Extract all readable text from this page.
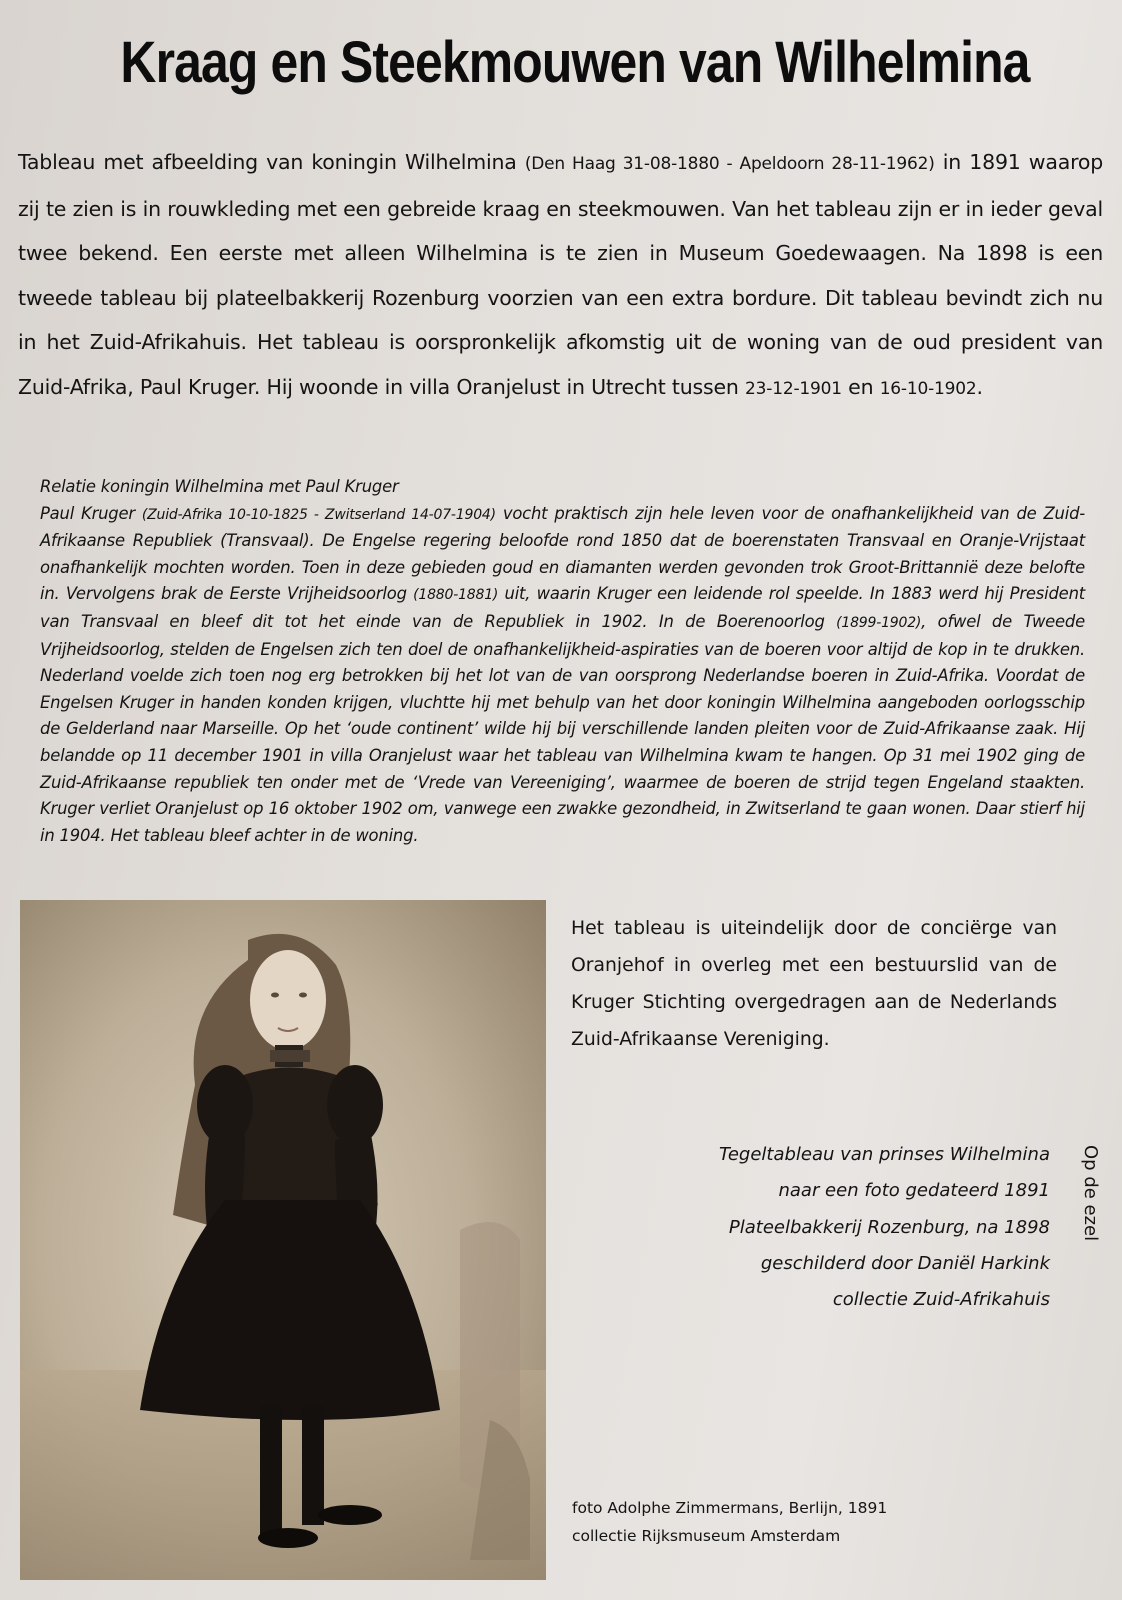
Kraag en Steekmouwen van Wilhelmina

Tableau met afbeelding van koningin Wilhelmina (Den Haag 31-08-1880 - Apeldoorn 28-11-1962) in 1891 waarop zij te zien is in rouwkleding met een gebreide kraag en steekmouwen. Van het tableau zijn er in ieder geval twee bekend. Een eerste met alleen Wilhelmina is te zien in Museum Goedewaagen. Na 1898 is een tweede tableau bij plateelbakkerij Rozenburg voorzien van een extra bordure. Dit tableau bevindt zich nu in het Zuid-Afrikahuis. Het tableau is oorspronkelijk afkomstig uit de woning van de oud president van Zuid-Afrika, Paul Kruger. Hij woonde in villa Oranjelust in Utrecht tussen 23-12-1901 en 16-10-1902.

Relatie koningin Wilhelmina met Paul Kruger
Paul Kruger (Zuid-Afrika 10-10-1825 - Zwitserland 14-07-1904) vocht praktisch zijn hele leven voor de onafhankelijkheid van de Zuid-Afrikaanse Republiek (Transvaal). De Engelse regering beloofde rond 1850 dat de boerenstaten Transvaal en Oranje-Vrijstaat onafhankelijk mochten worden. Toen in deze gebieden goud en diamanten werden gevonden trok Groot-Brittannië deze belofte in. Vervolgens brak de Eerste Vrijheidsoorlog (1880-1881) uit, waarin Kruger een leidende rol speelde. In 1883 werd hij President van Transvaal en bleef dit tot het einde van de Republiek in 1902. In de Boerenoorlog (1899-1902), ofwel de Tweede Vrijheidsoorlog, stelden de Engelsen zich ten doel de onafhankelijkheid-aspiraties van de boeren voor altijd de kop in te drukken. Nederland voelde zich toen nog erg betrokken bij het lot van de van oorsprong Nederlandse boeren in Zuid-Afrika. Voordat de Engelsen Kruger in handen konden krijgen, vluchtte hij met behulp van het door koningin Wilhelmina aangeboden oorlogsschip de Gelderland naar Marseille. Op het ‘oude continent’ wilde hij bij verschillende landen pleiten voor de Zuid-Afrikaanse zaak. Hij belandde op 11 december 1901 in villa Oranjelust waar het tableau van Wilhelmina kwam te hangen. Op 31 mei 1902 ging de Zuid-Afrikaanse republiek ten onder met de ‘Vrede van Vereeniging’, waarmee de boeren de strijd tegen Engeland staakten. Kruger verliet Oranjelust op 16 oktober 1902 om, vanwege een zwakke gezondheid, in Zwitserland te gaan wonen. Daar stierf hij in 1904. Het tableau bleef achter in de woning.

Het tableau is uiteindelijk door de conciërge van Oranjehof in overleg met een bestuurslid van de Kruger Stichting overgedragen aan de Nederlands Zuid-Afrikaanse Vereniging.

Tegeltableau van prinses Wilhelmina
naar een foto gedateerd 1891
Plateelbakkerij Rozenburg, na 1898
geschilderd door Daniël Harkink
collectie Zuid-Afrikahuis
Op de ezel
foto Adolphe Zimmermans, Berlijn, 1891
collectie Rijksmuseum Amsterdam
